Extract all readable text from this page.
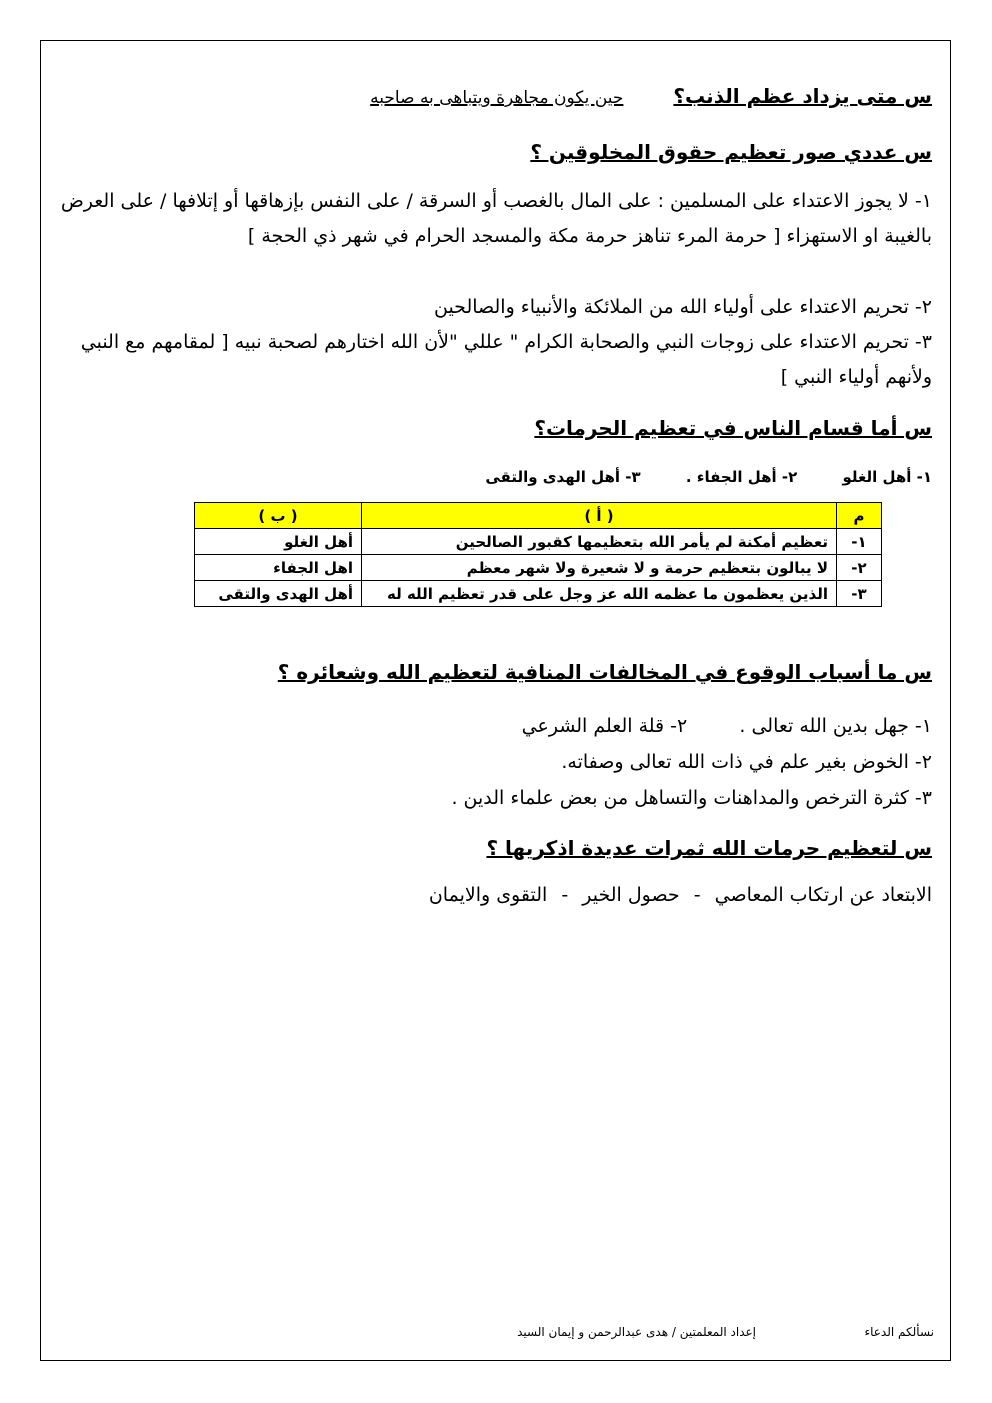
س متى يزداد عظم الذنب؟حين يكون مجاهرة ويتباهى به صاحبه
س عددي صور تعظيم حقوق المخلوقين ؟
١- لا يجوز الاعتداء على المسلمين : على المال بالغصب أو السرقة / على النفس بإزهاقها أو إتلافها / على العرض بالغيبة او الاستهزاء [ حرمة المرء تناهز حرمة مكة والمسجد الحرام في شهر ذي الحجة ]
٢- تحريم الاعتداء على أولياء الله من الملائكة والأنبياء والصالحين
٣- تحريم الاعتداء على زوجات النبي والصحابة الكرام " عللي "لأن الله اختارهم لصحبة نبيه [ لمقامهم مع النبي ولأنهم أولياء النبي ]
س أما قسام الناس في تعظيم الحرمات؟
١- أهل الغلو ٢- أهل الجفاء . ٣- أهل الهدى والتقى
م	( أ )	( ب )
١-	تعظيم أمكنة لم يأمر الله بتعظيمها كقبور الصالحين	أهل الغلو
٢-	لا يبالون بتعظيم حرمة و لا شعيرة ولا شهر معظم	اهل الجفاء
٣-	الذين يعظمون ما عظمه الله عز وجل على قدر تعظيم الله له	أهل الهدى والتقى
س ما أسباب الوقوع في المخالفات المنافية لتعظيم الله وشعائره ؟
١- جهل بدين الله تعالى .  ٢- قلة العلم الشرعي
٢- الخوض بغير علم في ذات الله تعالى وصفاته.
٣- كثرة الترخص والمداهنات والتساهل من بعض علماء الدين .
س لتعظيم حرمات الله ثمرات عديدة اذكريها ؟
الابتعاد عن ارتكاب المعاصي - حصول الخير - التقوى والايمان
نسألكم الدعاء
إعداد المعلمتين / هدى عبدالرحمن و إيمان السيد
